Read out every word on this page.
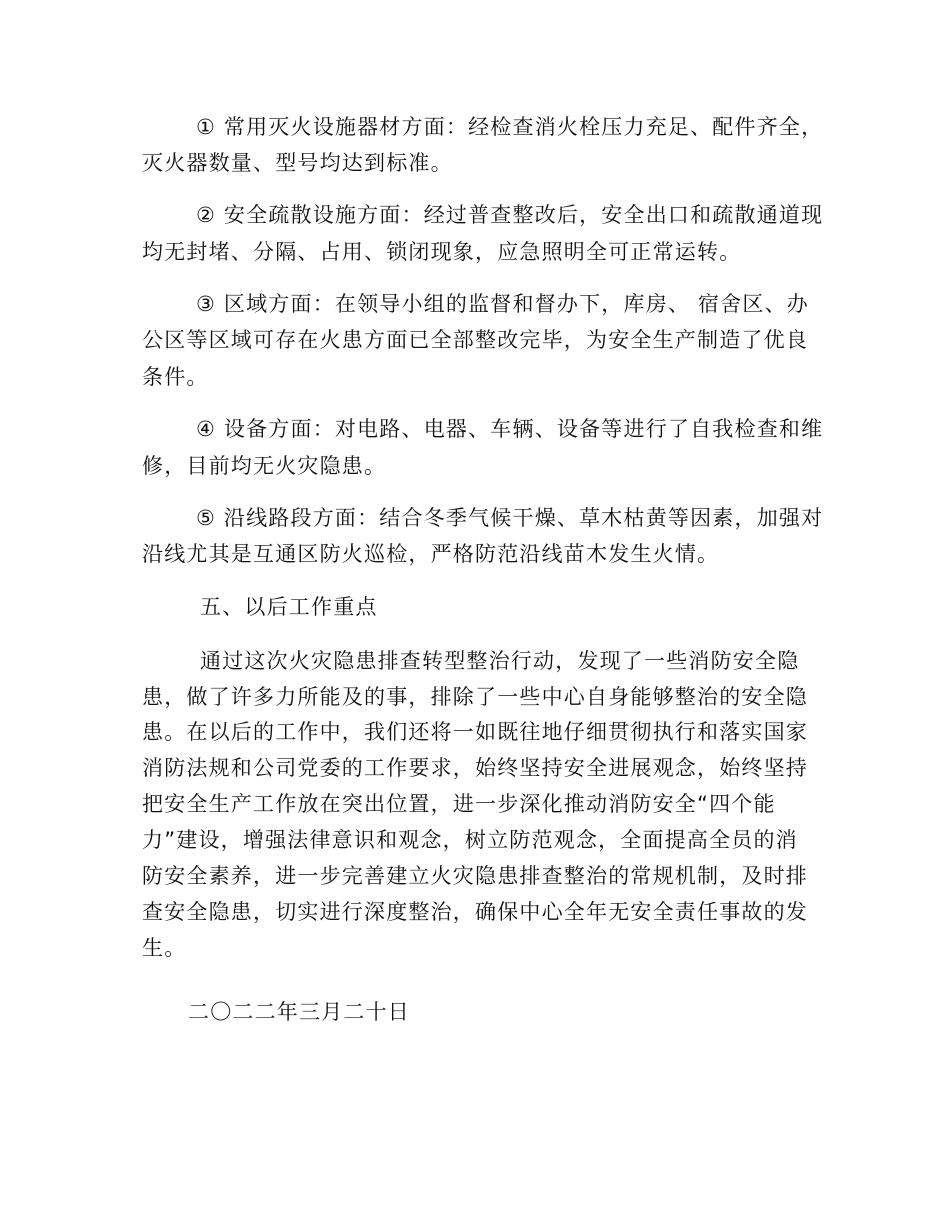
① 常用灭火设施器材方面：经检查消火栓压力充足、配件齐全，
灭火器数量、型号均达到标准。
② 安全疏散设施方面：经过普查整改后，安全出口和疏散通道现
均无封堵、分隔、占用、锁闭现象，应急照明全可正常运转。
③ 区域方面：在领导小组的监督和督办下，库房、 宿舍区、办
公区等区域可存在火患方面已全部整改完毕，为安全生产制造了优良
条件。
④ 设备方面：对电路、电器、车辆、设备等进行了自我检查和维
修，目前均无火灾隐患。
⑤ 沿线路段方面：结合冬季气候干燥、草木枯黄等因素，加强对
沿线尤其是互通区防火巡检，严格防范沿线苗木发生火情。
五、以后工作重点
通过这次火灾隐患排查转型整治行动，发现了一些消防安全隐
患，做了许多力所能及的事，排除了一些中心自身能够整治的安全隐
患。在以后的工作中，我们还将一如既往地仔细贯彻执行和落实国家
消防法规和公司党委的工作要求，始终坚持安全进展观念，始终坚持
把安全生产工作放在突出位置，进一步深化推动消防安全“四个能
力”建设，增强法律意识和观念，树立防范观念，全面提高全员的消
防安全素养，进一步完善建立火灾隐患排查整治的常规机制，及时排
查安全隐患，切实进行深度整治，确保中心全年无安全责任事故的发
生。
二〇二二年三月二十日
